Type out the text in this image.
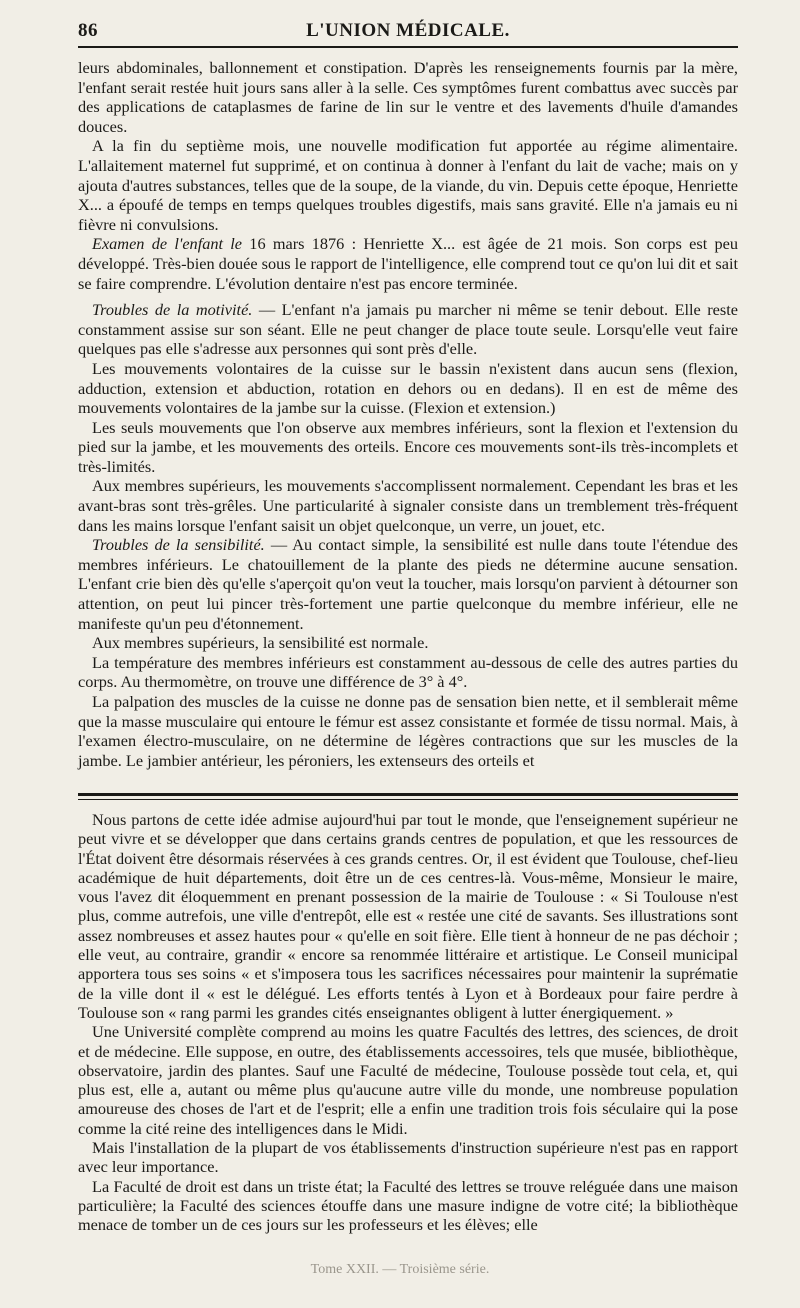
86	L'UNION MÉDICALE.

leurs abdominales, ballonnement et constipation. D'après les renseignements fournis par la mère, l'enfant serait restée huit jours sans aller à la selle. Ces symptômes furent combattus avec succès par des applications de cataplasmes de farine de lin sur le ventre et des lavements d'huile d'amandes douces.

A la fin du septième mois, une nouvelle modification fut apportée au régime alimentaire. L'allaitement maternel fut supprimé, et on continua à donner à l'enfant du lait de vache; mais on y ajouta d'autres substances, telles que de la soupe, de la viande, du vin. Depuis cette époque, Henriette X... a époufé de temps en temps quelques troubles digestifs, mais sans gravité. Elle n'a jamais eu ni fièvre ni convulsions.

Examen de l'enfant le 16 mars 1876 : Henriette X... est âgée de 21 mois. Son corps est peu développé. Très-bien douée sous le rapport de l'intelligence, elle comprend tout ce qu'on lui dit et sait se faire comprendre. L'évolution dentaire n'est pas encore terminée.

Troubles de la motivité. — L'enfant n'a jamais pu marcher ni même se tenir debout. Elle reste constamment assise sur son séant. Elle ne peut changer de place toute seule. Lorsqu'elle veut faire quelques pas elle s'adresse aux personnes qui sont près d'elle.

Les mouvements volontaires de la cuisse sur le bassin n'existent dans aucun sens (flexion, adduction, extension et abduction, rotation en dehors ou en dedans). Il en est de même des mouvements volontaires de la jambe sur la cuisse. (Flexion et extension.)

Les seuls mouvements que l'on observe aux membres inférieurs, sont la flexion et l'extension du pied sur la jambe, et les mouvements des orteils. Encore ces mouvements sont-ils très-incomplets et très-limités.

Aux membres supérieurs, les mouvements s'accomplissent normalement. Cependant les bras et les avant-bras sont très-grêles. Une particularité à signaler consiste dans un tremblement très-fréquent dans les mains lorsque l'enfant saisit un objet quelconque, un verre, un jouet, etc.

Troubles de la sensibilité. — Au contact simple, la sensibilité est nulle dans toute l'étendue des membres inférieurs. Le chatouillement de la plante des pieds ne détermine aucune sensation. L'enfant crie bien dès qu'elle s'aperçoit qu'on veut la toucher, mais lorsqu'on parvient à détourner son attention, on peut lui pincer très-fortement une partie quelconque du membre inférieur, elle ne manifeste qu'un peu d'étonnement.

Aux membres supérieurs, la sensibilité est normale.

La température des membres inférieurs est constamment au-dessous de celle des autres parties du corps. Au thermomètre, on trouve une différence de 3° à 4°.

La palpation des muscles de la cuisse ne donne pas de sensation bien nette, et il semblerait même que la masse musculaire qui entoure le fémur est assez consistante et formée de tissu normal. Mais, à l'examen électro-musculaire, on ne détermine de légères contractions que sur les muscles de la jambe. Le jambier antérieur, les péroniers, les extenseurs des orteils et

Nous partons de cette idée admise aujourd'hui par tout le monde, que l'enseignement supérieur ne peut vivre et se développer que dans certains grands centres de population, et que les ressources de l'État doivent être désormais réservées à ces grands centres. Or, il est évident que Toulouse, chef-lieu académique de huit départements, doit être un de ces centres-là. Vous-même, Monsieur le maire, vous l'avez dit éloquemment en prenant possession de la mairie de Toulouse : « Si Toulouse n'est plus, comme autrefois, une ville d'entrepôt, elle est « restée une cité de savants. Ses illustrations sont assez nombreuses et assez hautes pour « qu'elle en soit fière. Elle tient à honneur de ne pas déchoir ; elle veut, au contraire, grandir « encore sa renommée littéraire et artistique. Le Conseil municipal apportera tous ses soins « et s'imposera tous les sacrifices nécessaires pour maintenir la suprématie de la ville dont il « est le délégué. Les efforts tentés à Lyon et à Bordeaux pour faire perdre à Toulouse son « rang parmi les grandes cités enseignantes obligent à lutter énergiquement. »

Une Université complète comprend au moins les quatre Facultés des lettres, des sciences, de droit et de médecine. Elle suppose, en outre, des établissements accessoires, tels que musée, bibliothèque, observatoire, jardin des plantes. Sauf une Faculté de médecine, Toulouse possède tout cela, et, qui plus est, elle a, autant ou même plus qu'aucune autre ville du monde, une nombreuse population amoureuse des choses de l'art et de l'esprit; elle a enfin une tradition trois fois séculaire qui la pose comme la cité reine des intelligences dans le Midi.

Mais l'installation de la plupart de vos établissements d'instruction supérieure n'est pas en rapport avec leur importance.

La Faculté de droit est dans un triste état; la Faculté des lettres se trouve reléguée dans une maison particulière; la Faculté des sciences étouffe dans une masure indigne de votre cité; la bibliothèque menace de tomber un de ces jours sur les professeurs et les élèves; elle

Tome XXII. — Troisième série.
